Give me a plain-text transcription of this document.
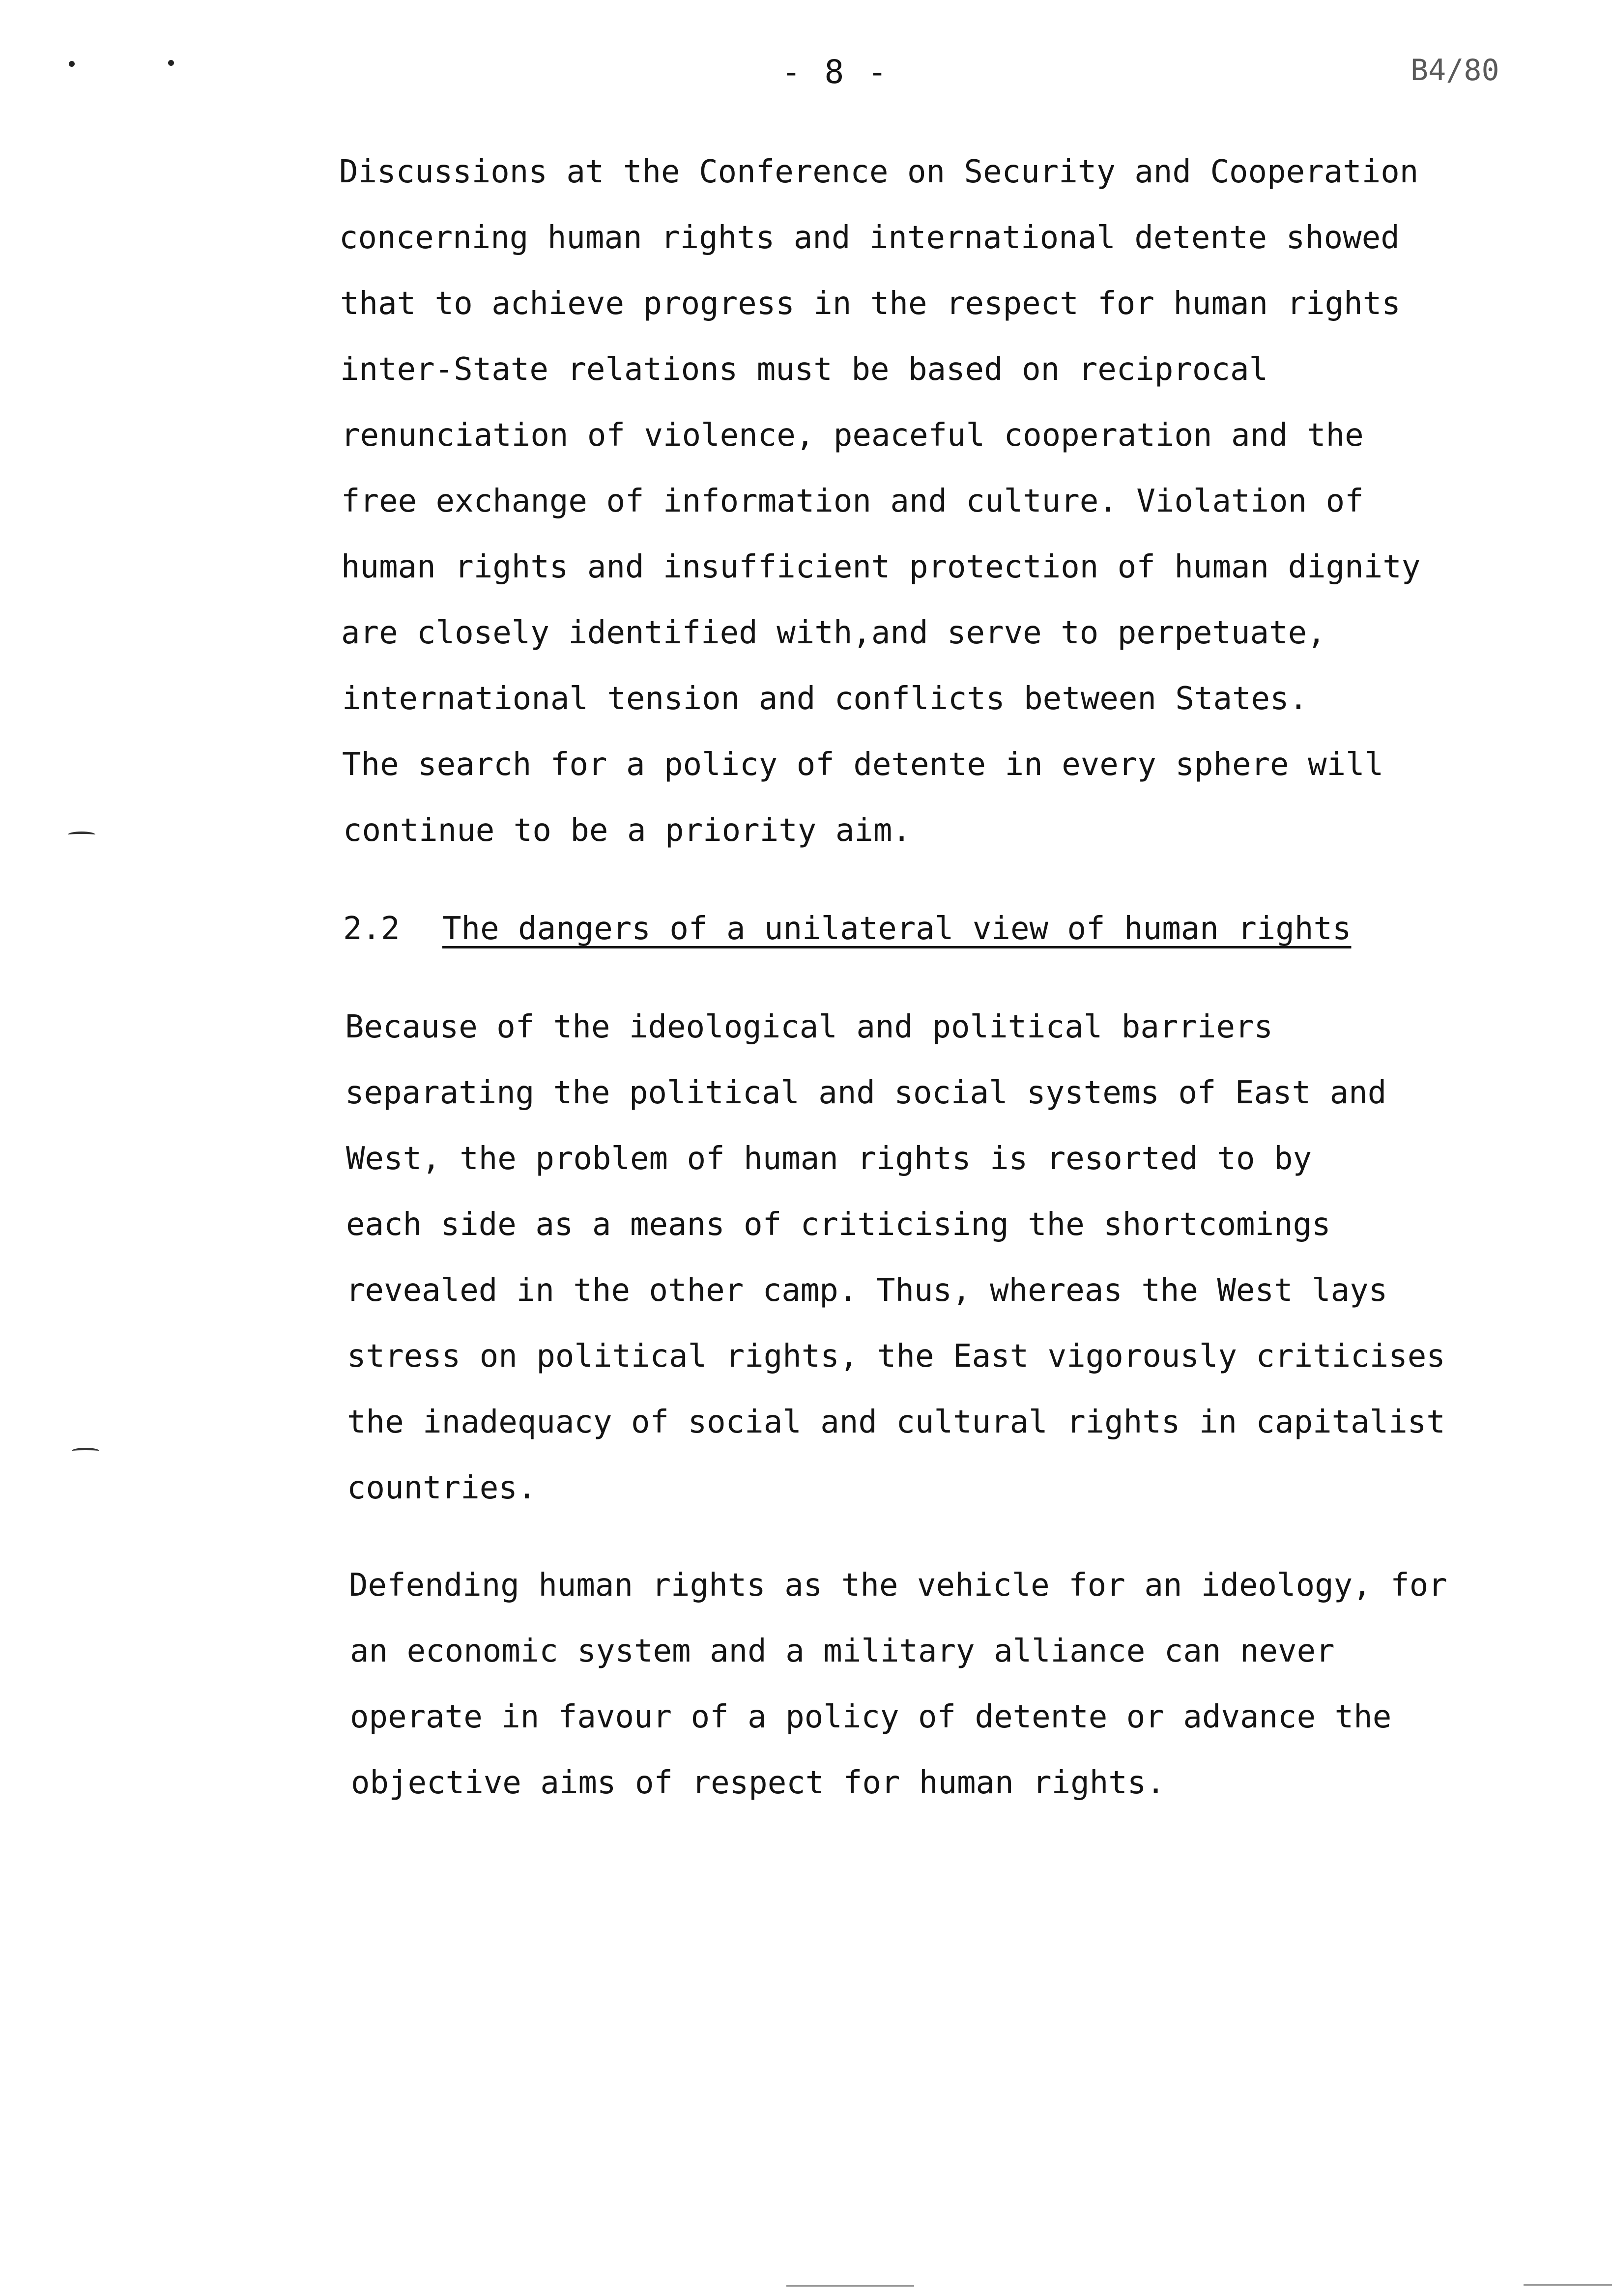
- 8 -	B4/80
Discussions at the Conference on Security and Cooperation
concerning human rights and international detente showed
that to achieve progress in the respect for human rights
inter-State relations must be based on reciprocal
renunciation of violence, peaceful cooperation and the
free exchange of information and culture. Violation of
human rights and insufficient protection of human dignity
are closely identified with,and serve to perpetuate,
international tension and conflicts between States.
The search for a policy of detente in every sphere will
continue to be a priority aim.
2.2 The dangers of a unilateral view of human rights
Because of the ideological and political barriers
separating the political and social systems of East and
West, the problem of human rights is resorted to by
each side as a means of criticising the shortcomings
revealed in the other camp. Thus, whereas the West lays
stress on political rights, the East vigorously criticises
the inadequacy of social and cultural rights in capitalist
countries.
Defending human rights as the vehicle for an ideology, for
an economic system and a military alliance can never
operate in favour of a policy of detente or advance the
objective aims of respect for human rights.
